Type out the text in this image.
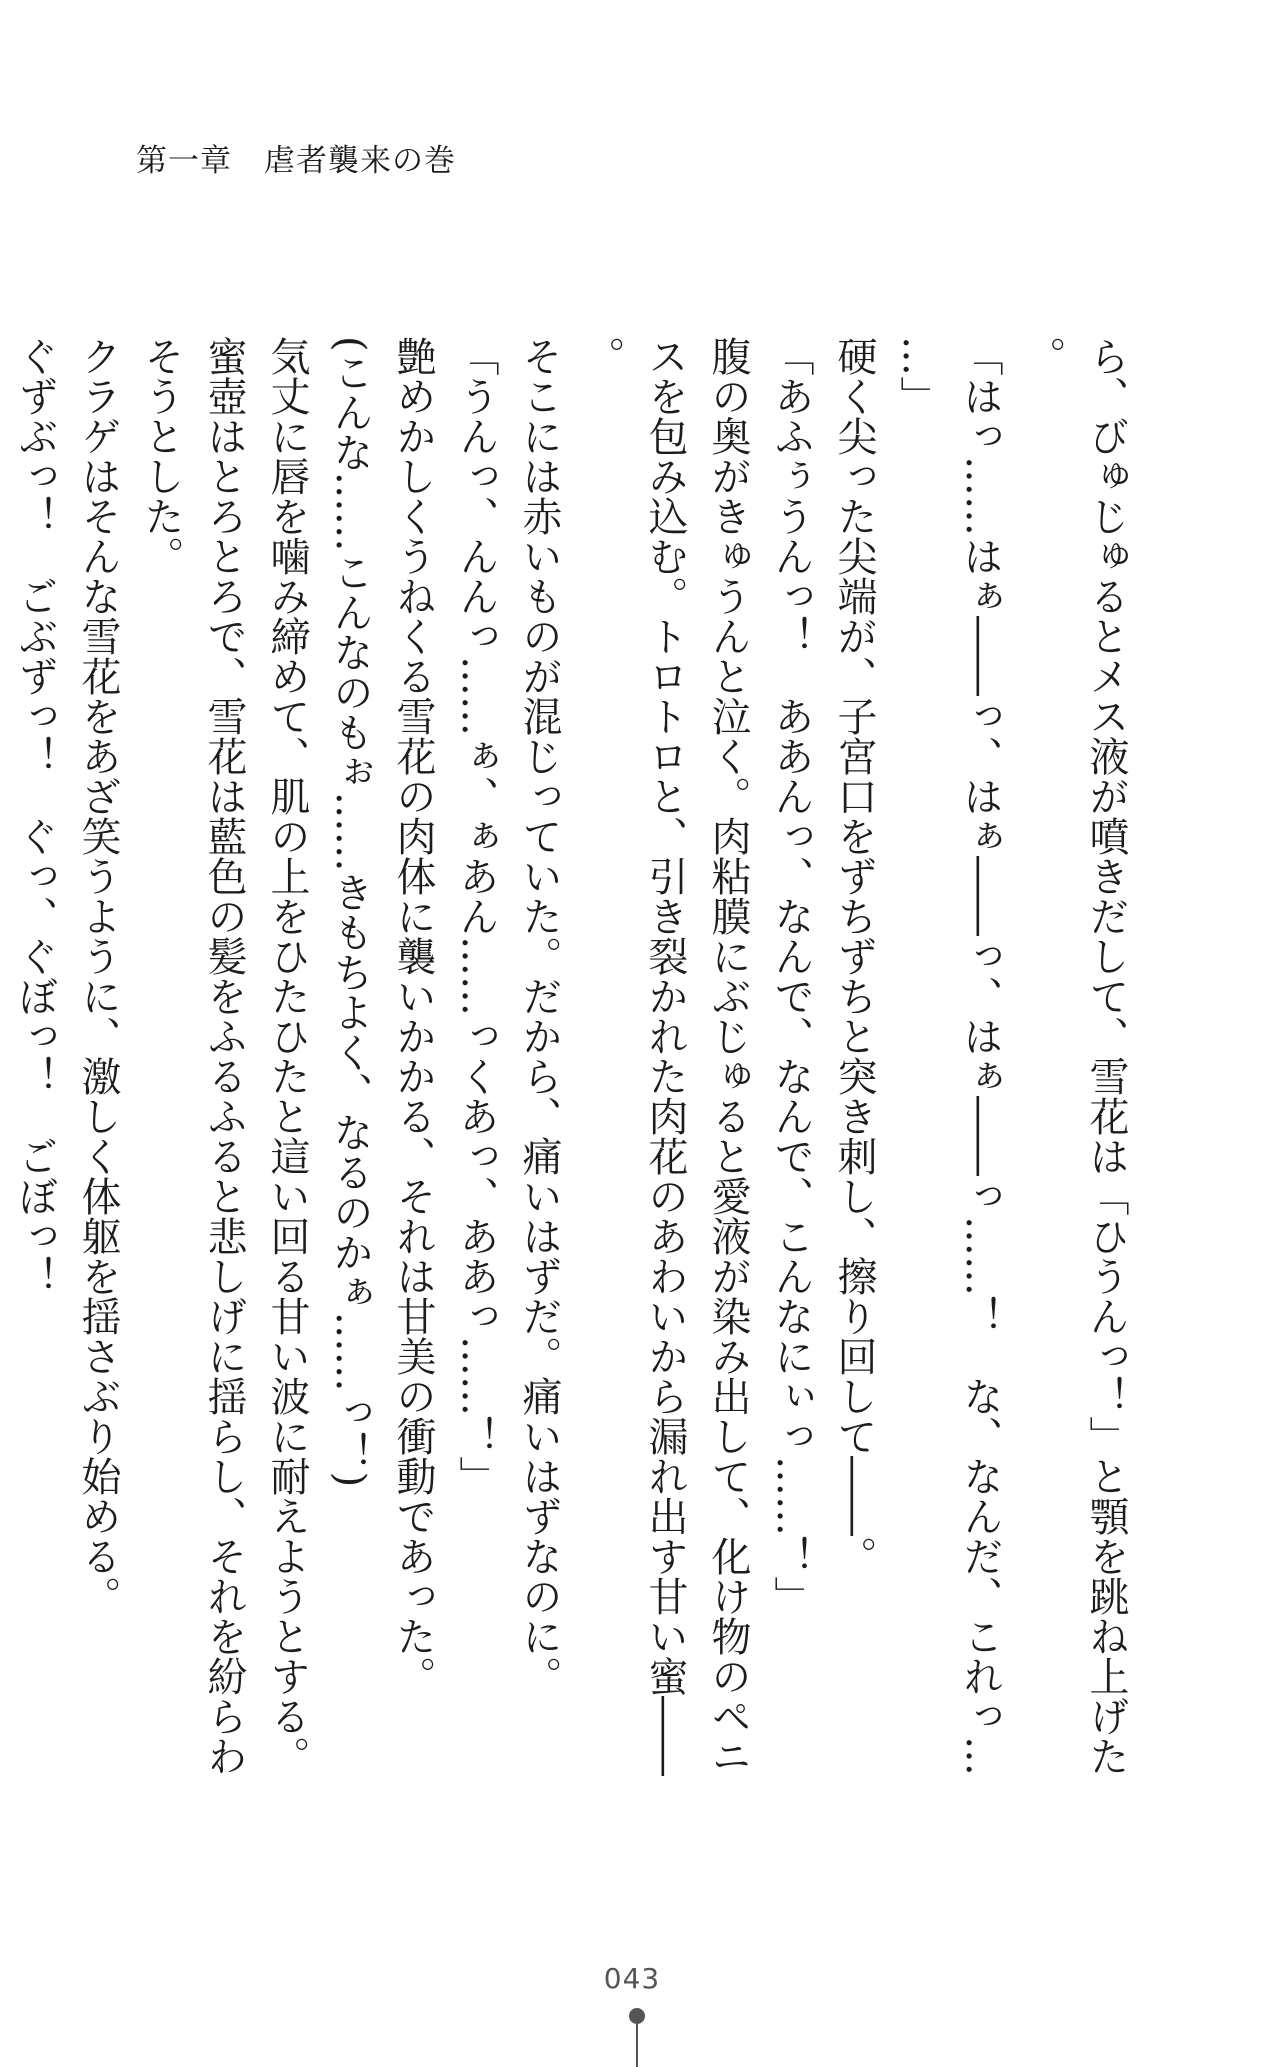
第一章　虐者襲来の巻

ら、びゅじゅるとメス液が噴きだして、雪花は「ひうんっ！」と顎を跳ね上げた。

「はっ……はぁ――っ、はぁ――っ、はぁ――っ……！　な、なんだ、これっ……」

硬く尖った尖端が、子宮口をずちずちと突き刺し、擦り回して――。

「あふぅうんっ！　ああんっ、なんで、なんで、こんなにぃっ……！」

腹の奥がきゅうんと泣く。肉粘膜にぶじゅると愛液が染み出して、化け物のペニスを包み込む。トロトロと、引き裂かれた肉花のあわいから漏れ出す甘い蜜――。

そこには赤いものが混じっていた。だから、痛いはずだ。痛いはずなのに。

「うんっ、んんっ……ぁ、ぁあん……っくあっ、ああっ……！」

艶めかしくうねくる雪花の肉体に襲いかかる、それは甘美の衝動であった。

(こんな……こんなのもぉ……きもちよく、なるのかぁ……っ！)

気丈に唇を噛み締めて、肌の上をひたひたと這い回る甘い波に耐えようとする。蜜壺はとろとろで、雪花は藍色の髪をふるふると悲しげに揺らし、それを紛らわそうとした。

クラゲはそんな雪花をあざ笑うように、激しく体躯を揺さぶり始める。

ぐずぶっ！　ごぶずっ！　ぐっ、ぐぼっ！　ごぼっ！

043
